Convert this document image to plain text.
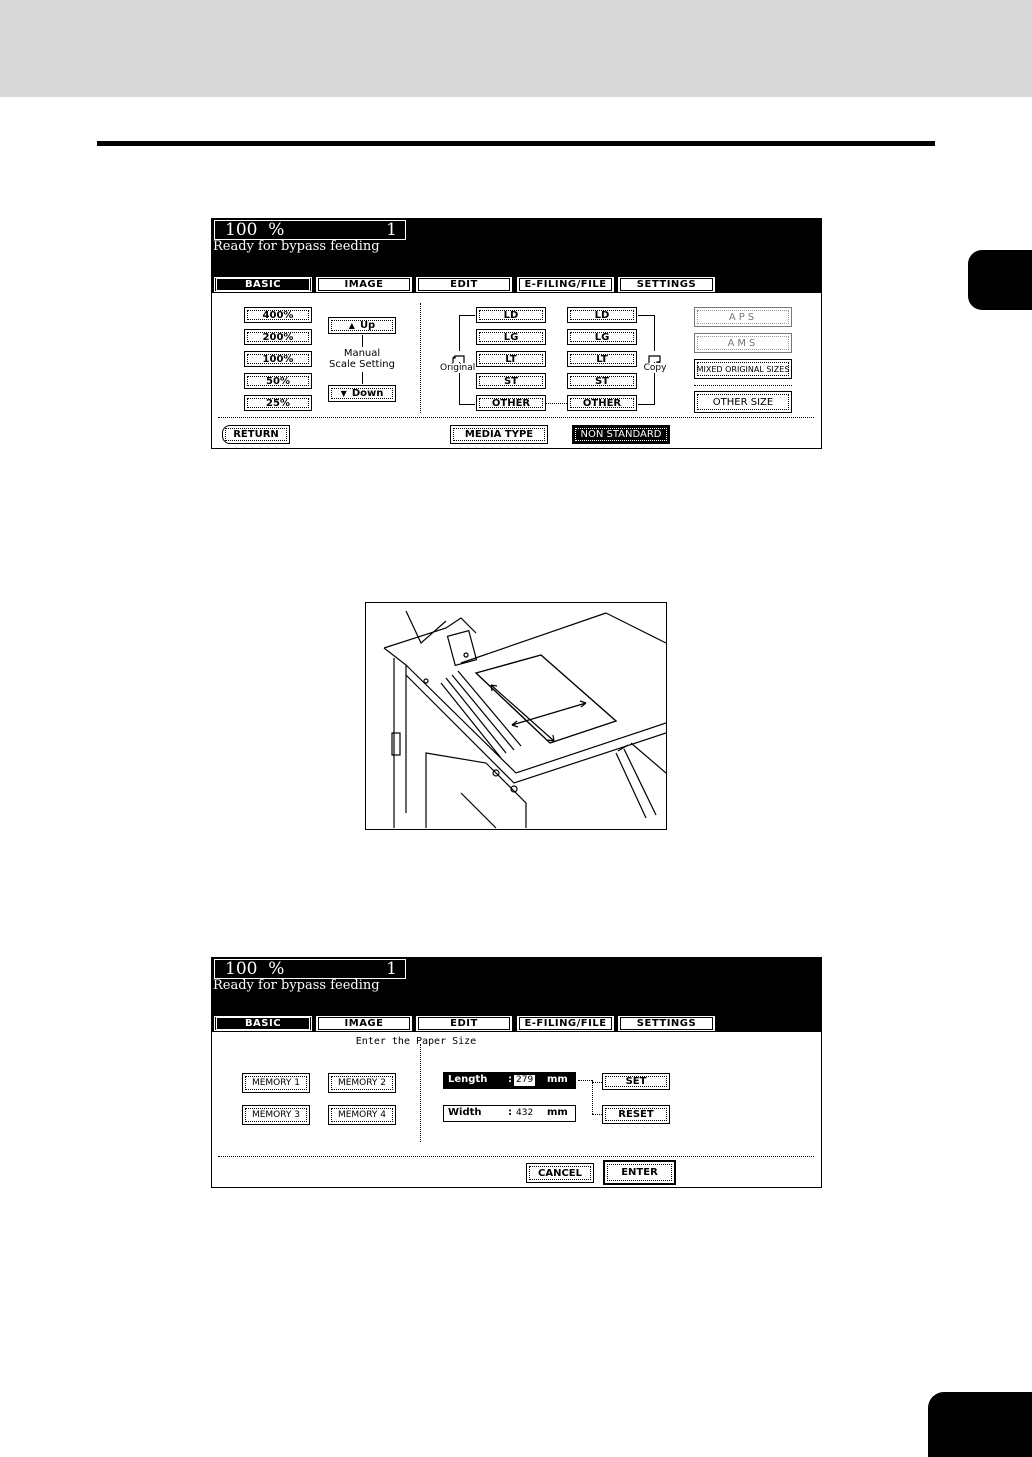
100  %	1
Ready for bypass feeding
BASIC	IMAGE	EDIT	E-FILING/FILE	SETTINGS
400%
200%
100%
50%
25%
▲ Up
Manual
Scale Setting
▼ Down
LD
LG
LT
ST
OTHER
Original
LD
LG
LT
ST
OTHER
Copy
APS
AMS
MIXED ORIGINAL SIZES
OTHER SIZE
RETURN	MEDIA TYPE	NON STANDARD
100  %	1
Ready for bypass feeding
BASIC	IMAGE	EDIT	E-FILING/FILE	SETTINGS
Enter the Paper Size
MEMORY 1	MEMORY 2
MEMORY 3	MEMORY 4
Length : 279 mm
Width	: 432 mm
SET
RESET
CANCEL	ENTER
